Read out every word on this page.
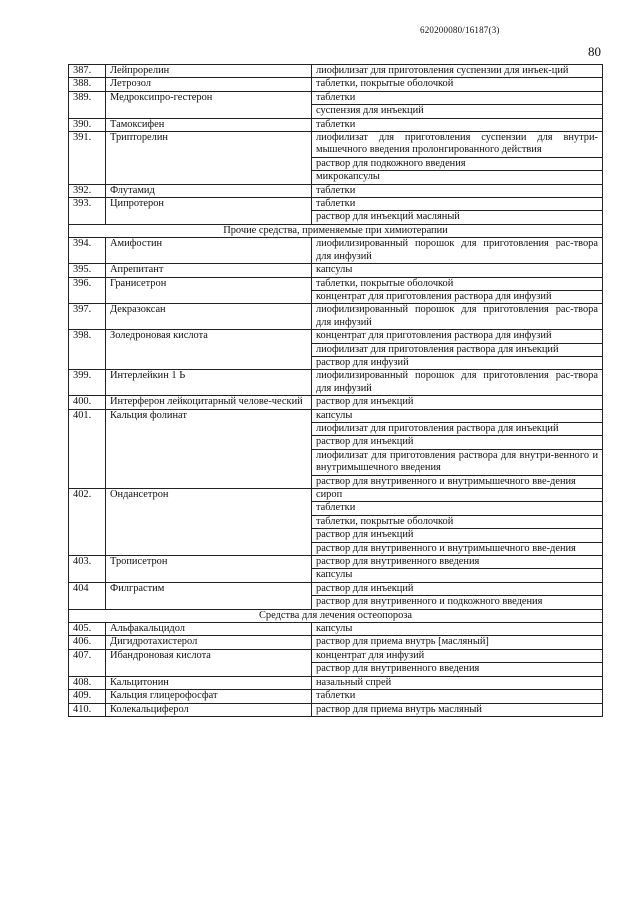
620200080/16187(3)
80
387.	Лейпрорелин	лиофилизат для приготовления суспензии для инъек-ций

388.	Летрозол	таблетки, покрытые оболочкой

389.	Медроксипро-гестерон	таблетки
суспензия для инъекций

390.	Тамоксифен	таблетки

391.	Трипторелин	лиофилизат для приготовления суспензии для внутри-мышечного введения пролонгированного действия
раствор для подкожного введения
микрокапсулы

392.	Флутамид	таблетки

393.	Ципротерон	таблетки
раствор для инъекций масляный

Прочие средства, применяемые при химиотерапии		
394.	Амифостин	лиофилизированный порошок для приготовления рас-твора для инфузий

395.	Апрепитант	капсулы

396.	Гранисетрон	таблетки, покрытые оболочкой
концентрат для приготовления раствора для инфузий

397.	Декразоксан	лиофилизированный порошок для приготовления рас-твора для инфузий

398.	Золедроновая кислота	концентрат для приготовления раствора для инфузий
лиофилизат для приготовления раствора для инъекций
раствор для инфузий

399.	Интерлейкин 1 Ь	лиофилизированный порошок для приготовления рас-твора для инфузий

400.	Интерферон лейкоцитарный челове-ческий	раствор для инъекций

401.	Кальция фолинат	капсулы
лиофилизат для приготовления раствора для инъекций
раствор для инъекций
лиофилизат для приготовления раствора для внутри-венного и внутримышечного введения
раствор для внутривенного и внутримышечного вве-дения

402.	Ондансетрон	сироп
таблетки
таблетки, покрытые оболочкой
раствор для инъекций
раствор для внутривенного и внутримышечного вве-дения

403.	Трописетрон	раствор для внутривенного введения
капсулы

404	Филграстим	раствор для инъекций
раствор для внутривенного и подкожного введения

Средства для лечения остеопороза		
405.	Альфакальцидол	капсулы

406.	Дигидротахистерол	раствор для приема внутрь [масляный]

407.	Ибандроновая кислота	концентрат для инфузий
раствор для внутривенного введения

408.	Кальцитонин	назальный спрей

409.	Кальция глицерофосфат	таблетки

410.	Колекальциферол	раствор для приема внутрь масляный
